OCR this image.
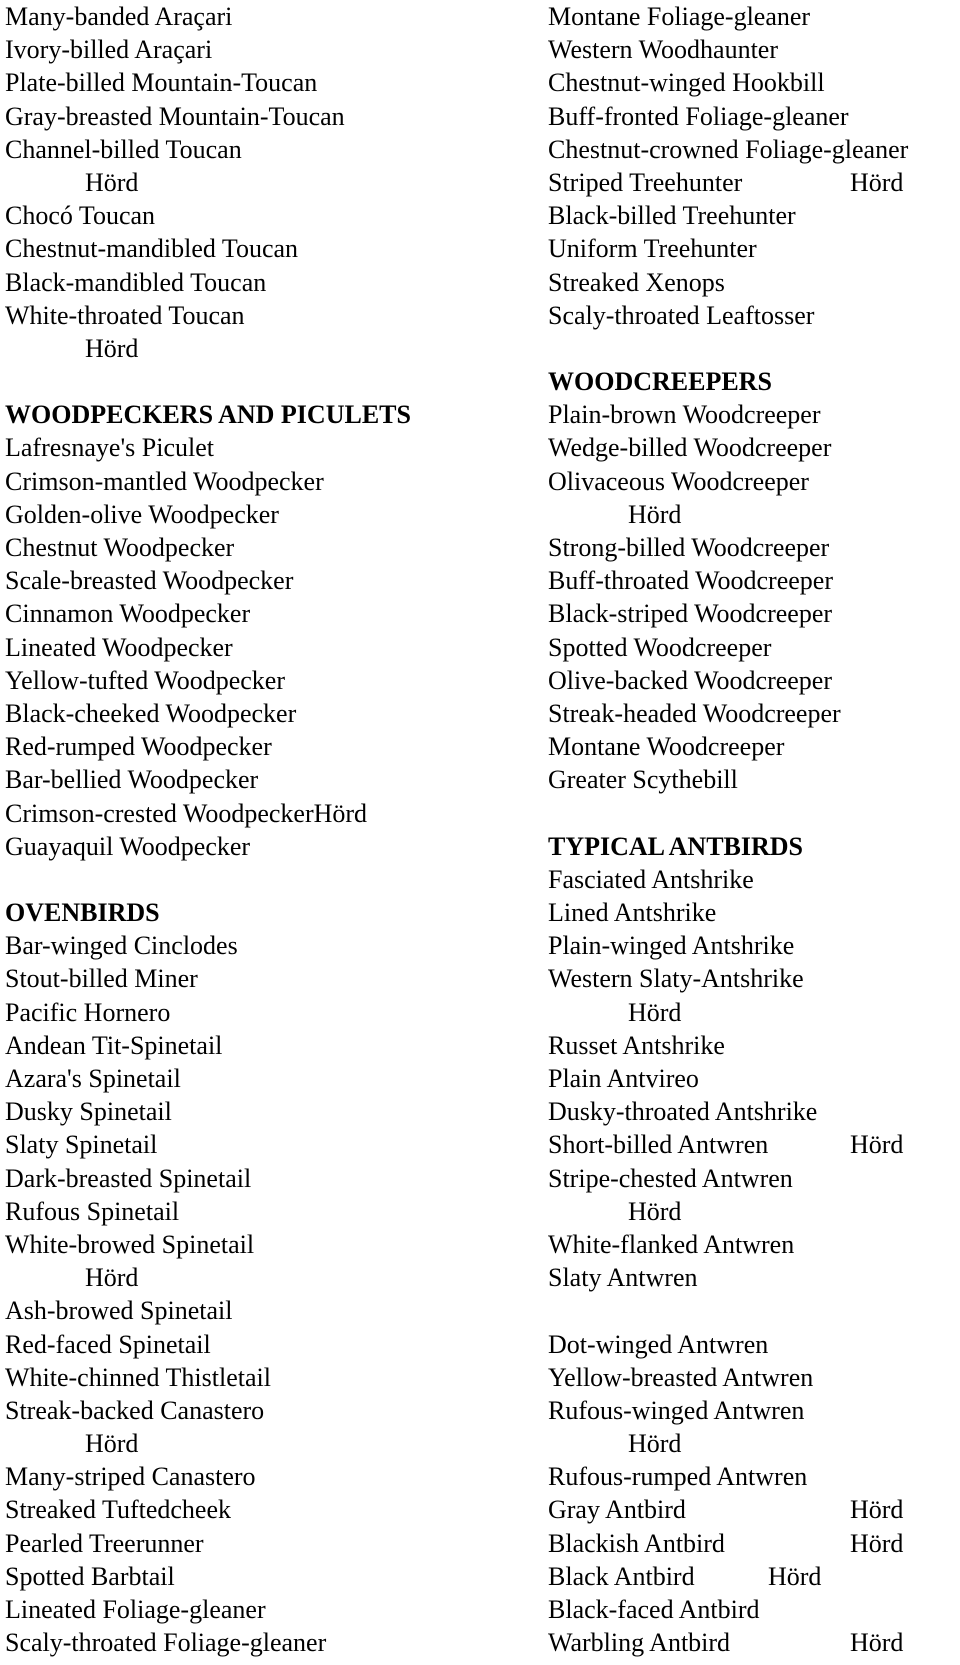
Many-banded Araçari
Ivory-billed Araçari
Plate-billed Mountain-Toucan
Gray-breasted Mountain-Toucan
Channel-billed Toucan
Hörd
Chocó Toucan
Chestnut-mandibled Toucan
Black-mandibled Toucan
White-throated Toucan
Hörd
WOODPECKERS AND PICULETS
Lafresnaye's Piculet
Crimson-mantled Woodpecker
Golden-olive Woodpecker
Chestnut Woodpecker
Scale-breasted Woodpecker
Cinnamon Woodpecker
Lineated Woodpecker
Yellow-tufted Woodpecker
Black-cheeked Woodpecker
Red-rumped Woodpecker
Bar-bellied Woodpecker
Crimson-crested WoodpeckerHörd
Guayaquil Woodpecker
OVENBIRDS
Bar-winged Cinclodes
Stout-billed Miner
Pacific Hornero
Andean Tit-Spinetail
Azara's Spinetail
Dusky Spinetail
Slaty Spinetail
Dark-breasted Spinetail
Rufous Spinetail
White-browed Spinetail
Hörd
Ash-browed Spinetail
Red-faced Spinetail
White-chinned Thistletail
Streak-backed Canastero
Hörd
Many-striped Canastero
Streaked Tuftedcheek
Pearled Treerunner
Spotted Barbtail
Lineated Foliage-gleaner
Scaly-throated Foliage-gleaner
Montane Foliage-gleaner
Western Woodhaunter
Chestnut-winged Hookbill
Buff-fronted Foliage-gleaner
Chestnut-crowned Foliage-gleaner
Striped Treehunter	Hörd
Black-billed Treehunter
Uniform Treehunter
Streaked Xenops
Scaly-throated Leaftosser
WOODCREEPERS
Plain-brown Woodcreeper
Wedge-billed Woodcreeper
Olivaceous Woodcreeper
Hörd
Strong-billed Woodcreeper
Buff-throated Woodcreeper
Black-striped Woodcreeper
Spotted Woodcreeper
Olive-backed Woodcreeper
Streak-headed Woodcreeper
Montane Woodcreeper
Greater Scythebill
TYPICAL ANTBIRDS
Fasciated Antshrike
Lined Antshrike
Plain-winged Antshrike
Western Slaty-Antshrike
Hörd
Russet Antshrike
Plain Antvireo
Dusky-throated Antshrike
Short-billed Antwren	Hörd
Stripe-chested Antwren
Hörd
White-flanked Antwren
Slaty Antwren
Dot-winged Antwren
Yellow-breasted Antwren
Rufous-winged Antwren
Hörd
Rufous-rumped Antwren
Gray Antbird	Hörd
Blackish Antbird	Hörd
Black Antbird	Hörd
Black-faced Antbird
Warbling Antbird	Hörd
